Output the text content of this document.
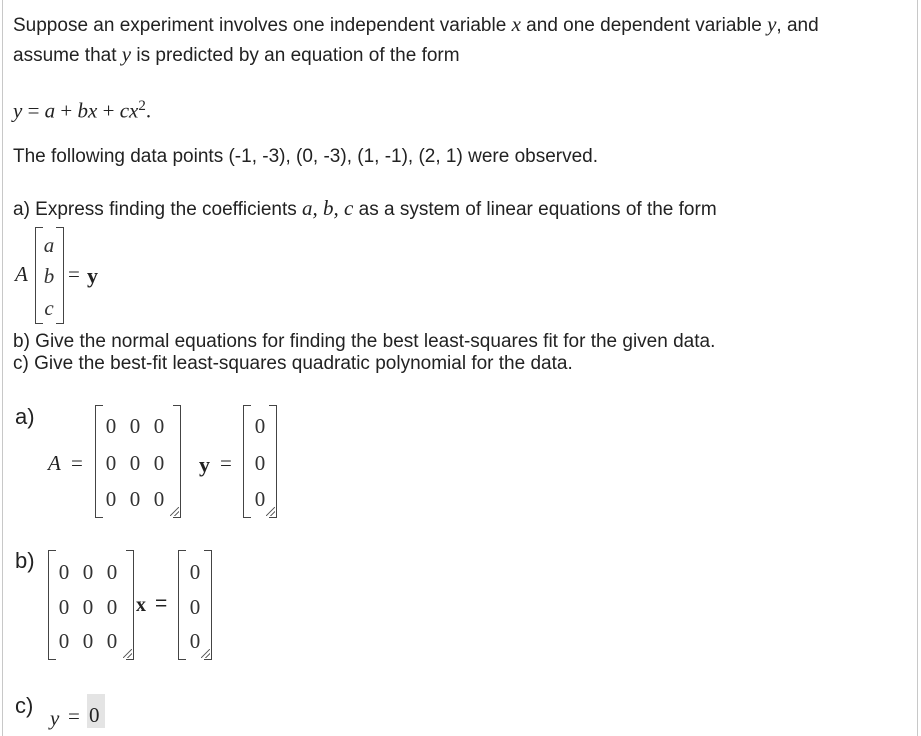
Suppose an experiment involves one independent variable x and one dependent variable y, and
assume that y is predicted by an equation of the form
y = a + bx + $cx^2$.
The following data points (-1, -3), (0, -3), (1, -1), (2, 1) were observed.
a) Express finding the coefficients a, b, c as a system of linear equations of the form
A
a
b
c
= y
b) Give the normal equations for finding the best least-squares fit for the given data.
c) Give the best-fit least-squares quadratic polynomial for the data.
a)
A =
0 0 0
0 0 0
0 0 0
y =
0
0
0
b) 0 0 0
0 0 0
0 0 0
x =
0
0
0
c) y = 0
